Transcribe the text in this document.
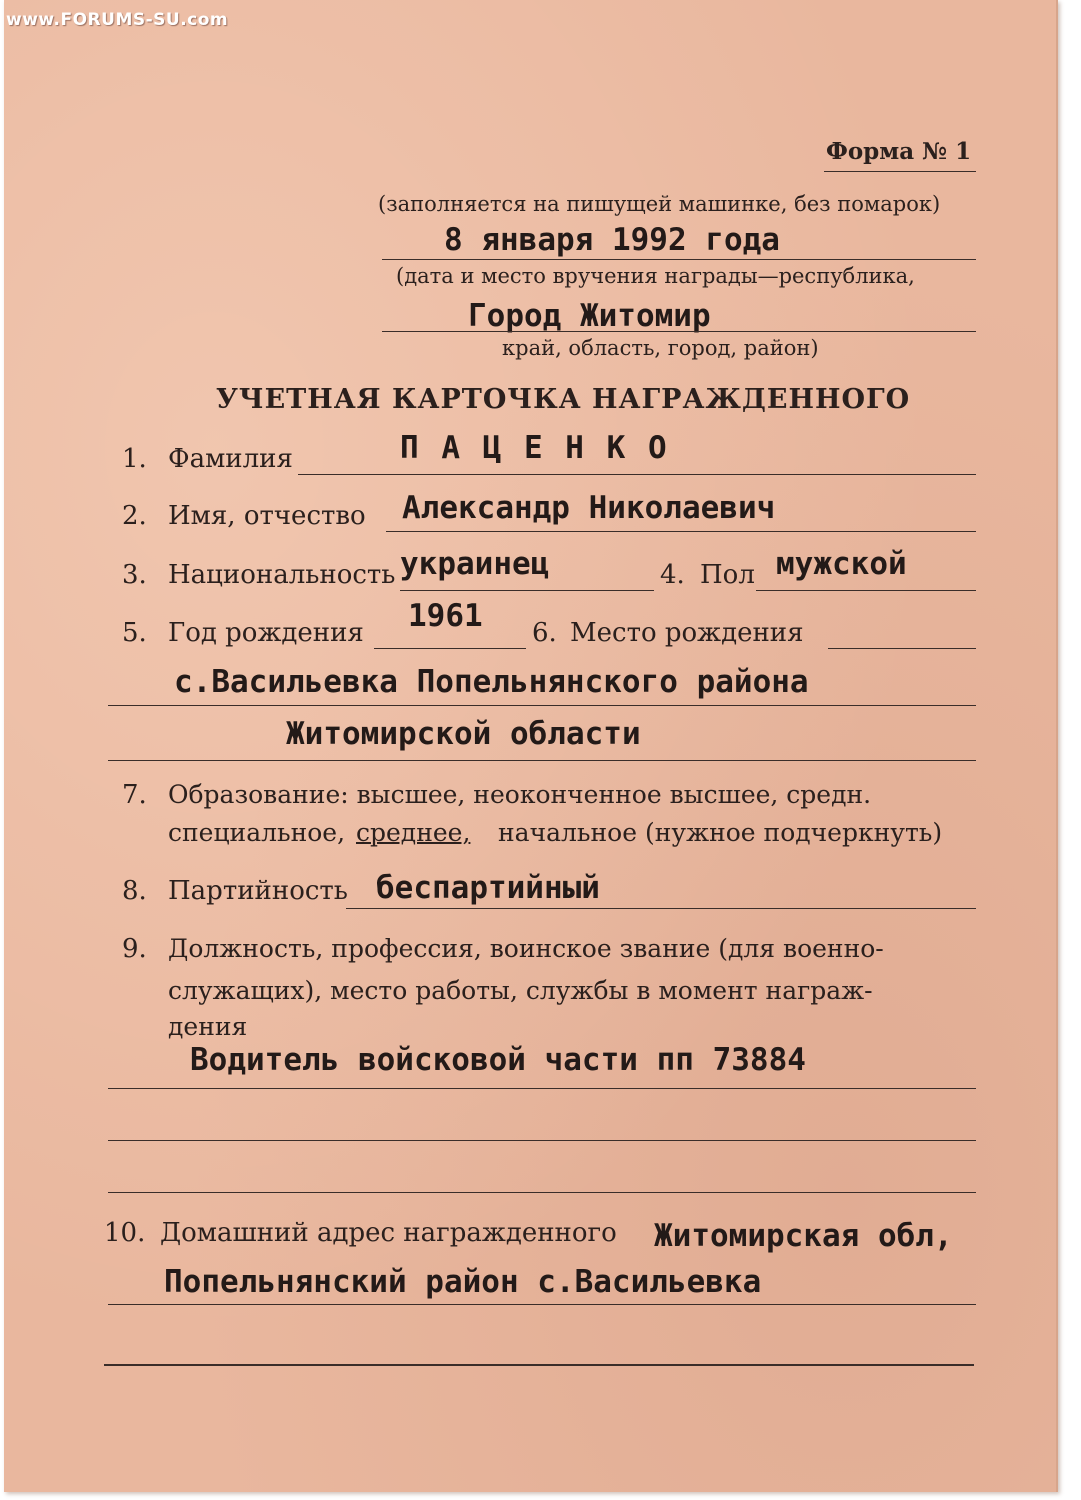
Форма № 1
(заполняется на пишущей машинке, без помарок)
8 января 1992 года
(дата и место вручения награды—республика,
Город Житомир
край, область, город, район)
УЧЕТНАЯ КАРТОЧКА НАГРАЖДЕННОГО
1. Фамилия	П А Ц Е Н К О
2. Имя, отчество Александр Николаевич
3. Национальность украинец	4. Пол мужской
5. Год рождения 1961 6. Место рождения
с.Васильевка Попельнянского района
Житомирской области
7. Образование: высшее, неоконченное высшее, средн.
специальное, среднее, начальное (нужное подчеркнуть)
8. Партийность беспартийный
9. Должность, профессия, воинское звание (для военно-
служащих), место работы, службы в момент награж-
дения
Водитель войсковой части пп 73884
10. Домашний адрес награжденного Житомирская обл,
Попельнянский район с.Васильевка
www.FORUMS-SU.com
